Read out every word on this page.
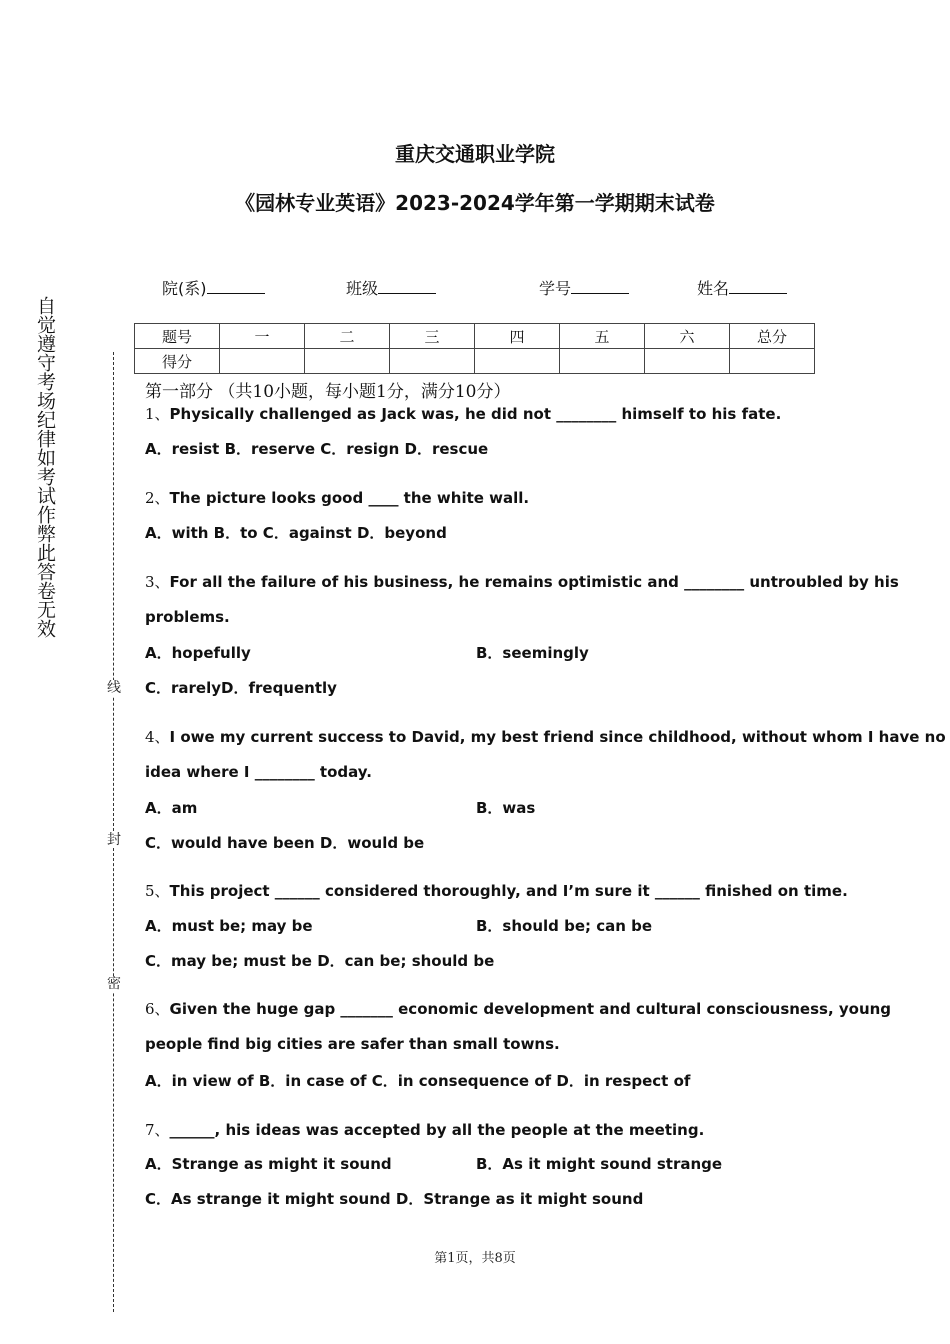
重庆交通职业学院
《园林专业英语》2023-2024学年第一学期期末试卷
自觉遵守考场纪律如考试作弊此答卷无效
线
封
密
院(系)	班级	学号	姓名
题号	一	二	三	四	五	六	总分
得分							
第一部分 （共10小题，每小题1分，满分10分）
1、Physically challenged as Jack was, he did not ________ himself to his fate.
A．resist B．reserve C．resign D．rescue
2、The picture looks good ____ the white wall.
A．with B．to C．against D．beyond
3、For all the failure of his business, he remains optimistic and ________ untroubled by his
problems.
A．hopefully	B．seemingly
C．rarelyD．frequently
4、I owe my current success to David, my best friend since childhood, without whom I have no
idea where I ________ today.
A．am	B．was
C．would have been D．would be
5、This project ______ considered thoroughly, and I’m sure it ______ finished on time.
A．must be; may be	B．should be; can be
C．may be; must be D．can be; should be
6、Given the huge gap _______ economic development and cultural consciousness, young
people find big cities are safer than small towns.
A．in view of B．in case of C．in consequence of D．in respect of
7、______, his ideas was accepted by all the people at the meeting.
A．Strange as might it sound	B．As it might sound strange
C．As strange it might sound D．Strange as it might sound
第1页，共8页
